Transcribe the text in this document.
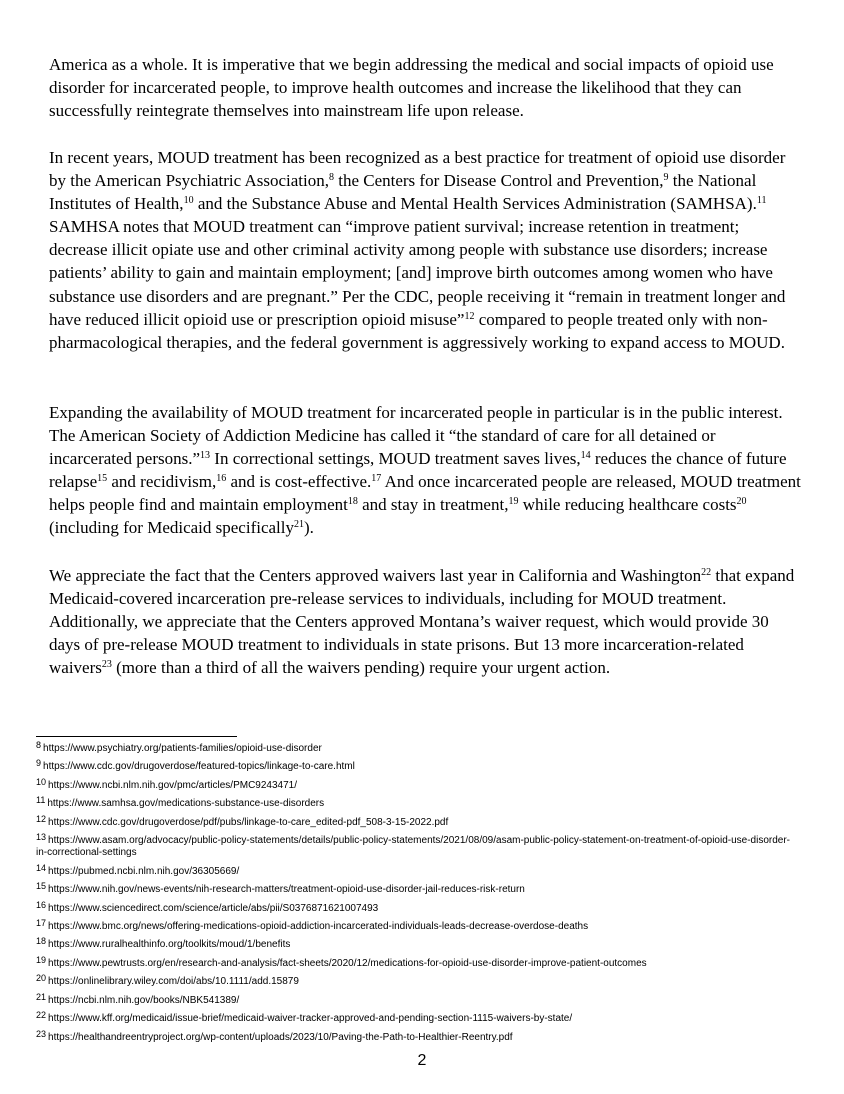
America as a whole. It is imperative that we begin addressing the medical and social impacts of opioid use disorder for incarcerated people, to improve health outcomes and increase the likelihood that they can successfully reintegrate themselves into mainstream life upon release.

In recent years, MOUD treatment has been recognized as a best practice for treatment of opioid use disorder by the American Psychiatric Association,$^8$ the Centers for Disease Control and Prevention,$^9$ the National Institutes of Health,$^{10}$ and the Substance Abuse and Mental Health Services Administration (SAMHSA).$^{11}$ SAMHSA notes that MOUD treatment can “improve patient survival; increase retention in treatment; decrease illicit opiate use and other criminal activity among people with substance use disorders; increase patients’ ability to gain and maintain employment; [and] improve birth outcomes among women who have substance use disorders and are pregnant.” Per the CDC, people receiving it “remain in treatment longer and have reduced illicit opioid use or prescription opioid misuse”$^{12}$ compared to people treated only with non-pharmacological therapies, and the federal government is aggressively working to expand access to MOUD.

Expanding the availability of MOUD treatment for incarcerated people in particular is in the public interest. The American Society of Addiction Medicine has called it “the standard of care for all detained or incarcerated persons.”$^{13}$ In correctional settings, MOUD treatment saves lives,$^{14}$ reduces the chance of future relapse$^{15}$ and recidivism,$^{16}$ and is cost-effective.$^{17}$ And once incarcerated people are released, MOUD treatment helps people find and maintain employment$^{18}$ and stay in treatment,$^{19}$ while reducing healthcare costs$^{20}$ (including for Medicaid specifically$^{21}$).

We appreciate the fact that the Centers approved waivers last year in California and Washington$^{22}$ that expand Medicaid-covered incarceration pre-release services to individuals, including for MOUD treatment. Additionally, we appreciate that the Centers approved Montana’s waiver request, which would provide 30 days of pre-release MOUD treatment to individuals in state prisons. But 13 more incarceration-related waivers$^{23}$ (more than a third of all the waivers pending) require your urgent action.

$^8$ https://www.psychiatry.org/patients-families/opioid-use-disorder
$^9$ https://www.cdc.gov/drugoverdose/featured-topics/linkage-to-care.html
$^{10}$ https://www.ncbi.nlm.nih.gov/pmc/articles/PMC9243471/
$^{11}$ https://www.samhsa.gov/medications-substance-use-disorders
$^{12}$ https://www.cdc.gov/drugoverdose/pdf/pubs/linkage-to-care_edited-pdf_508-3-15-2022.pdf
$^{13}$ https://www.asam.org/advocacy/public-policy-statements/details/public-policy-statements/2021/08/09/asam-public-policy-statement-on-treatment-of-opioid-use-disorder-in-correctional-settings
$^{14}$ https://pubmed.ncbi.nlm.nih.gov/36305669/
$^{15}$ https://www.nih.gov/news-events/nih-research-matters/treatment-opioid-use-disorder-jail-reduces-risk-return
$^{16}$ https://www.sciencedirect.com/science/article/abs/pii/S0376871621007493
$^{17}$ https://www.bmc.org/news/offering-medications-opioid-addiction-incarcerated-individuals-leads-decrease-overdose-deaths
$^{18}$ https://www.ruralhealthinfo.org/toolkits/moud/1/benefits
$^{19}$ https://www.pewtrusts.org/en/research-and-analysis/fact-sheets/2020/12/medications-for-opioid-use-disorder-improve-patient-outcomes
$^{20}$ https://onlinelibrary.wiley.com/doi/abs/10.1111/add.15879
$^{21}$ https://ncbi.nlm.nih.gov/books/NBK541389/
$^{22}$ https://www.kff.org/medicaid/issue-brief/medicaid-waiver-tracker-approved-and-pending-section-1115-waivers-by-state/
$^{23}$ https://healthandreentryproject.org/wp-content/uploads/2023/10/Paving-the-Path-to-Healthier-Reentry.pdf
2
